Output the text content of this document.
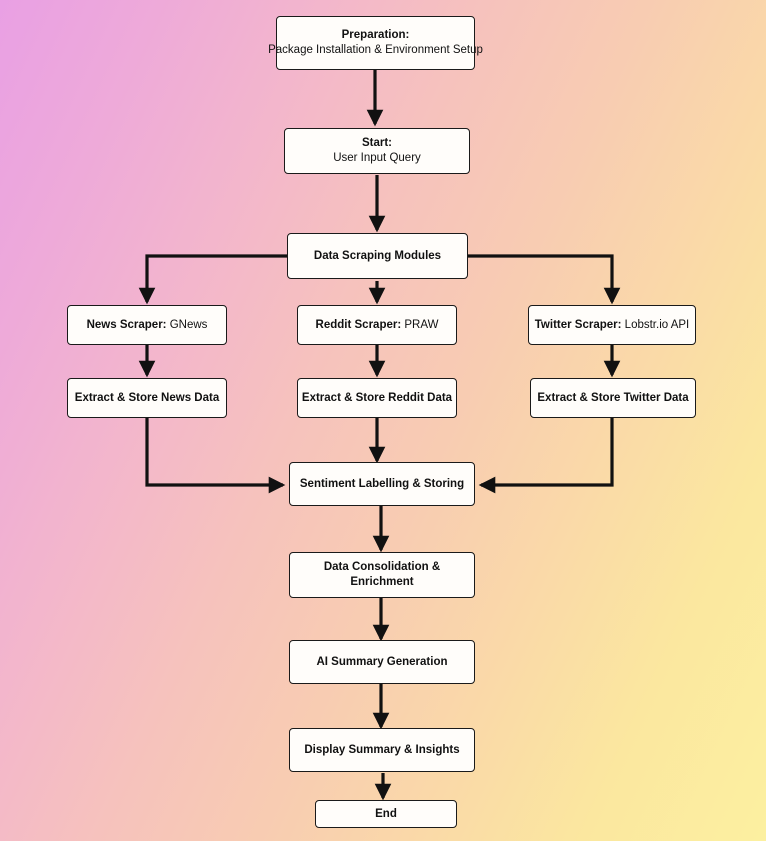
Preparation:
Package Installation & Environment Setup
Start:
User Input Query
Data Scraping Modules
News Scraper: GNews	Reddit Scraper: PRAW	Twitter Scraper: Lobstr.io API
Extract & Store News Data	Extract & Store Reddit Data	Extract & Store Twitter Data
Sentiment Labelling & Storing
Data Consolidation &
Enrichment
AI Summary Generation
Display Summary & Insights
End
